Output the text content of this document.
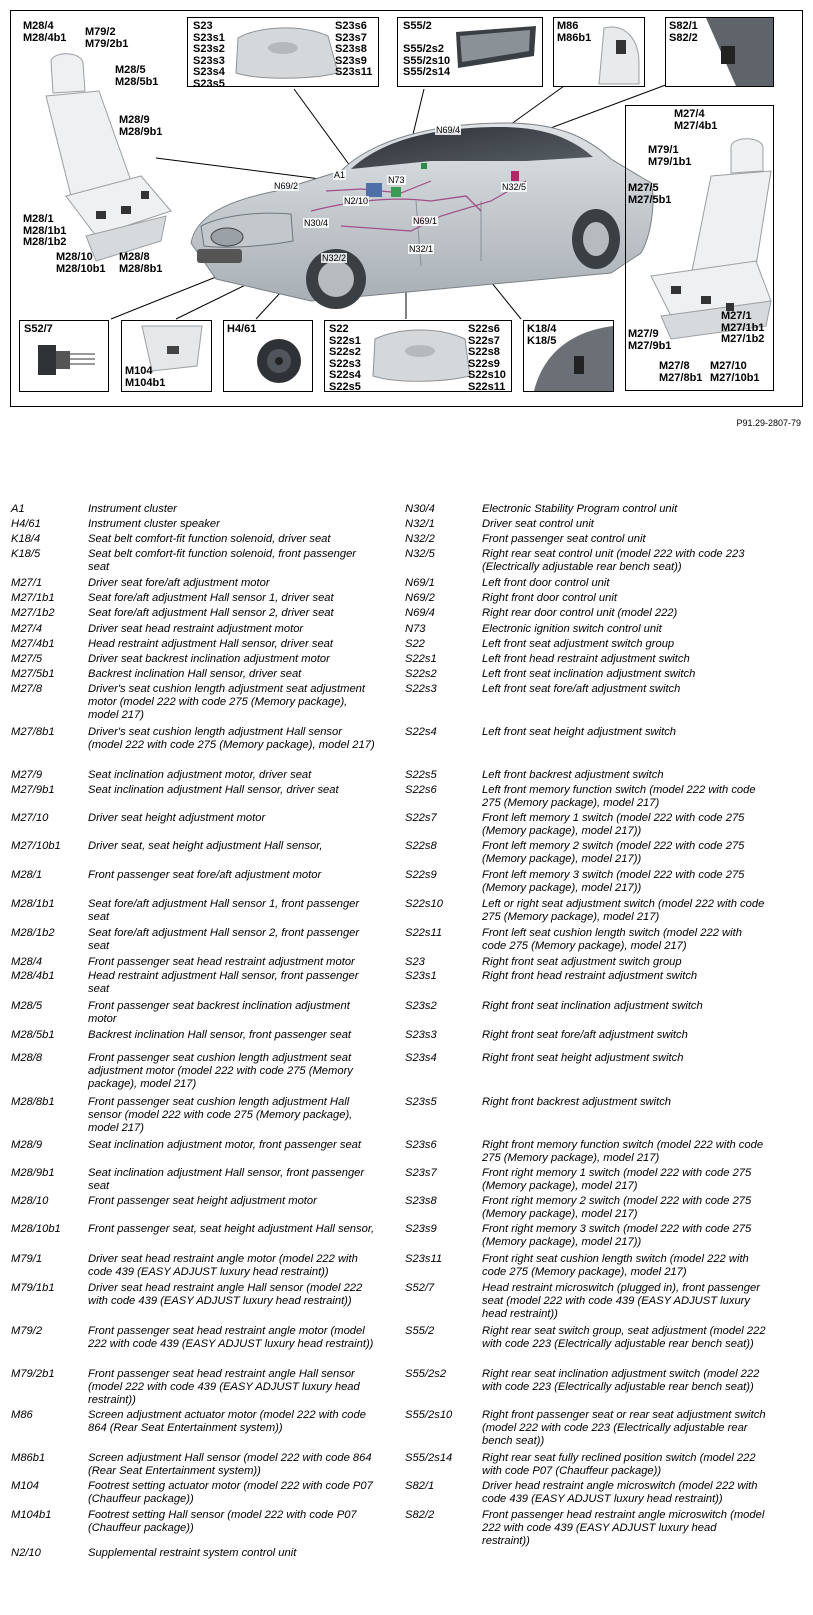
S23
S23s1
S23s2
S23s3
S23s4
S23s5
S23s6
S23s7
S23s8
S23s9
S23s11
S55/2
S55/2s2
S55/2s10
S55/2s14
M86
M86b1
S82/1
S82/2
M28/4
M28/4b1 M79/2
M79/2b1
M28/5
M28/5b1
M28/9
M28/9b1
M28/1
M28/1b1
M28/1b2
M28/10
M28/10b1
M28/8
M28/8b1
M27/4
M27/4b1
M79/1
M79/1b1
M27/5
M27/5b1
M27/9
M27/9b1
M27/1
M27/1b1
M27/1b2
M27/8
M27/8b1
M27/10
M27/10b1
S52/7
M104
M104b1
H4/61	S22
S22s1
S22s2
S22s3
S22s4
S22s5
S22s6
S22s7
S22s8
S22s9
S22s10
S22s11
K18/4
K18/5
N69/4
A1	N73
N69/2	N32/5
N2/10
N30/4	N69/1
N32/1
N32/2
P91.29-2807-79
A1	Instrument cluster
H4/61	Instrument cluster speaker
K18/4	Seat belt comfort-fit function solenoid, driver seat
K18/5	Seat belt comfort-fit function solenoid, front passenger seat
M27/1	Driver seat fore/aft adjustment motor
M27/1b1	Seat fore/aft adjustment Hall sensor 1, driver seat
M27/1b2	Seat fore/aft adjustment Hall sensor 2, driver seat
M27/4	Driver seat head restraint adjustment motor
M27/4b1	Head restraint adjustment Hall sensor, driver seat
M27/5	Driver seat backrest inclination adjustment motor
M27/5b1	Backrest inclination Hall sensor, driver seat
M27/8	Driver's seat cushion length adjustment seat adjustment motor (model 222 with code 275 (Memory package), model 217)
M27/8b1	Driver's seat cushion length adjustment Hall sensor (model 222 with code 275 (Memory package), model 217)
M27/9	Seat inclination adjustment motor, driver seat
M27/9b1	Seat inclination adjustment Hall sensor, driver seat
M27/10	Driver seat height adjustment motor
M27/10b1 Driver seat, seat height adjustment Hall sensor,
M28/1	Front passenger seat fore/aft adjustment motor
M28/1b1	Seat fore/aft adjustment Hall sensor 1, front passenger seat
M28/1b2	Seat fore/aft adjustment Hall sensor 2, front passenger seat
M28/4	Front passenger seat head restraint adjustment motor
M28/4b1	Head restraint adjustment Hall sensor, front passenger seat
M28/5	Front passenger seat backrest inclination adjustment motor
M28/5b1	Backrest inclination Hall sensor, front passenger seat
M28/8	Front passenger seat cushion length adjustment seat adjustment motor (model 222 with code 275 (Memory package), model 217)
M28/8b1	Front passenger seat cushion length adjustment Hall sensor (model 222 with code 275 (Memory package), model 217)
M28/9	Seat inclination adjustment motor, front passenger seat
M28/9b1	Seat inclination adjustment Hall sensor, front passenger seat
M28/10	Front passenger seat height adjustment motor
M28/10b1 Front passenger seat, seat height adjustment Hall sensor,
M79/1	Driver seat head restraint angle motor (model 222 with code 439 (EASY ADJUST luxury head restraint))
M79/1b1	Driver seat head restraint angle Hall sensor (model 222 with code 439 (EASY ADJUST luxury head restraint))
M79/2	Front passenger seat head restraint angle motor (model 222 with code 439 (EASY ADJUST luxury head restraint))
M79/2b1	Front passenger seat head restraint angle Hall sensor (model 222 with code 439 (EASY ADJUST luxury head restraint))
M86	Screen adjustment actuator motor (model 222 with code 864 (Rear Seat Entertainment system))
M86b1	Screen adjustment Hall sensor (model 222 with code 864 (Rear Seat Entertainment system))
M104	Footrest setting actuator motor (model 222 with code P07 (Chauffeur package))
M104b1	Footrest setting Hall sensor (model 222 with code P07 (Chauffeur package))
N2/10	Supplemental restraint system control unit
N30/4	Electronic Stability Program control unit
N32/1	Driver seat control unit
N32/2	Front passenger seat control unit
N32/5	Right rear seat control unit (model 222 with code 223 (Electrically adjustable rear bench seat))
N69/1	Left front door control unit
N69/2	Right front door control unit
N69/4	Right rear door control unit (model 222)
N73	Electronic ignition switch control unit
S22	Left front seat adjustment switch group
S22s1	Left front head restraint adjustment switch
S22s2	Left front seat inclination adjustment switch
S22s3	Left front seat fore/aft adjustment switch
S22s4	Left front seat height adjustment switch
S22s5	Left front backrest adjustment switch
S22s6	Left front memory function switch (model 222 with code 275 (Memory package), model 217)
S22s7	Front left memory 1 switch (model 222 with code 275 (Memory package), model 217))
S22s8	Front left memory 2 switch (model 222 with code 275 (Memory package), model 217))
S22s9	Front left memory 3 switch (model 222 with code 275 (Memory package), model 217))
S22s10	Left or right seat adjustment switch (model 222 with code 275 (Memory package), model 217)
S22s11	Front left seat cushion length switch (model 222 with code 275 (Memory package), model 217)
S23	Right front seat adjustment switch group
S23s1	Right front head restraint adjustment switch
S23s2	Right front seat inclination adjustment switch
S23s3	Right front seat fore/aft adjustment switch
S23s4	Right front seat height adjustment switch
S23s5	Right front backrest adjustment switch
S23s6	Right front memory function switch (model 222 with code 275 (Memory package), model 217)
S23s7	Front right memory 1 switch (model 222 with code 275 (Memory package), model 217)
S23s8	Front right memory 2 switch (model 222 with code 275 (Memory package), model 217)
S23s9	Front right memory 3 switch (model 222 with code 275 (Memory package), model 217))
S23s11	Front right seat cushion length switch (model 222 with code 275 (Memory package), model 217)
S52/7	Head restraint microswitch (plugged in), front passenger seat (model 222 with code 439 (EASY ADJUST luxury head restraint))
S55/2	Right rear seat switch group, seat adjustment (model 222 with code 223 (Electrically adjustable rear bench seat))
S55/2s2	Right rear seat inclination adjustment switch (model 222 with code 223 (Electrically adjustable rear bench seat))
S55/2s10	Right front passenger seat or rear seat adjustment switch (model 222 with code 223 (Electrically adjustable rear bench seat))
S55/2s14	Right rear seat fully reclined position switch (model 222 with code P07 (Chauffeur package))
S82/1	Driver head restraint angle microswitch (model 222 with code 439 (EASY ADJUST luxury head restraint))
S82/2	Front passenger head restraint angle microswitch (model 222 with code 439 (EASY ADJUST luxury head restraint))
